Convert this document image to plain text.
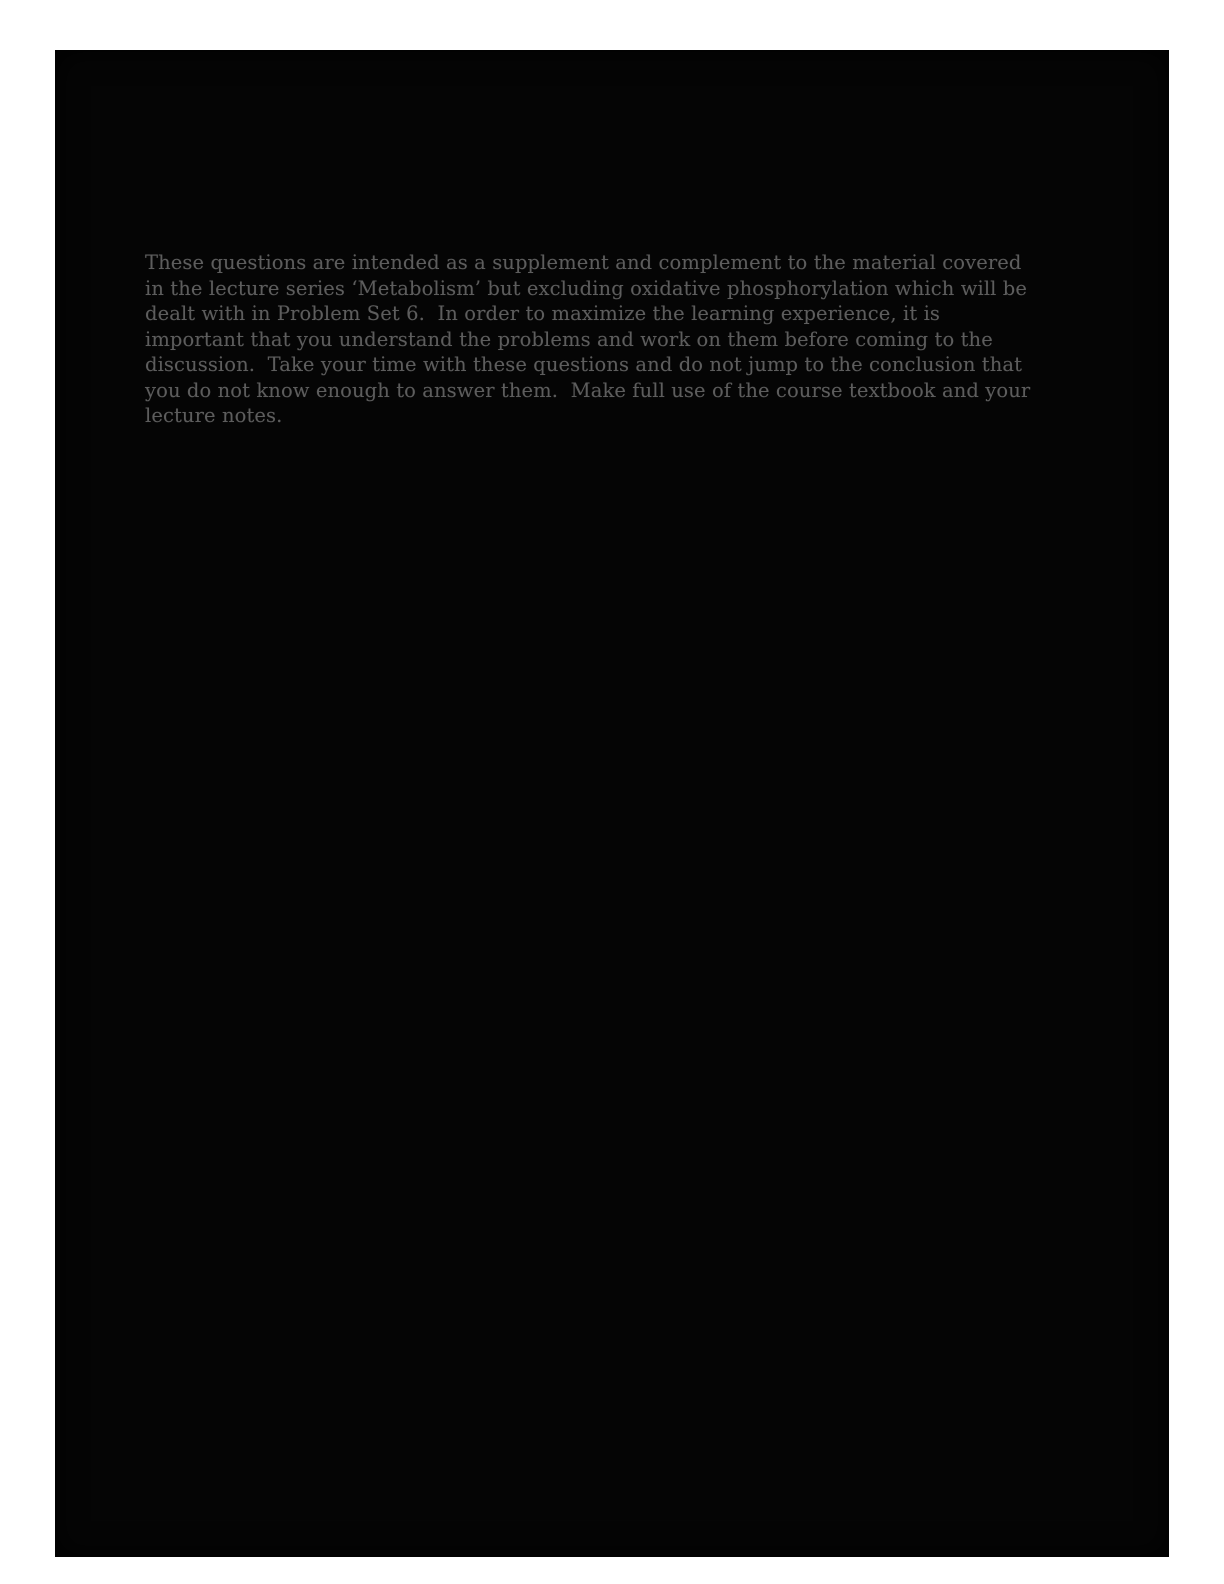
These questions are intended as a supplement and complement to the material covered in the lecture series ‘Metabolism’ but excluding oxidative phosphorylation which will be dealt with in Problem Set 6.  In order to maximize the learning experience, it is important that you understand the problems and work on them before coming to the discussion.  Take your time with these questions and do not jump to the conclusion that you do not know enough to answer them.  Make full use of the course textbook and your lecture notes.
